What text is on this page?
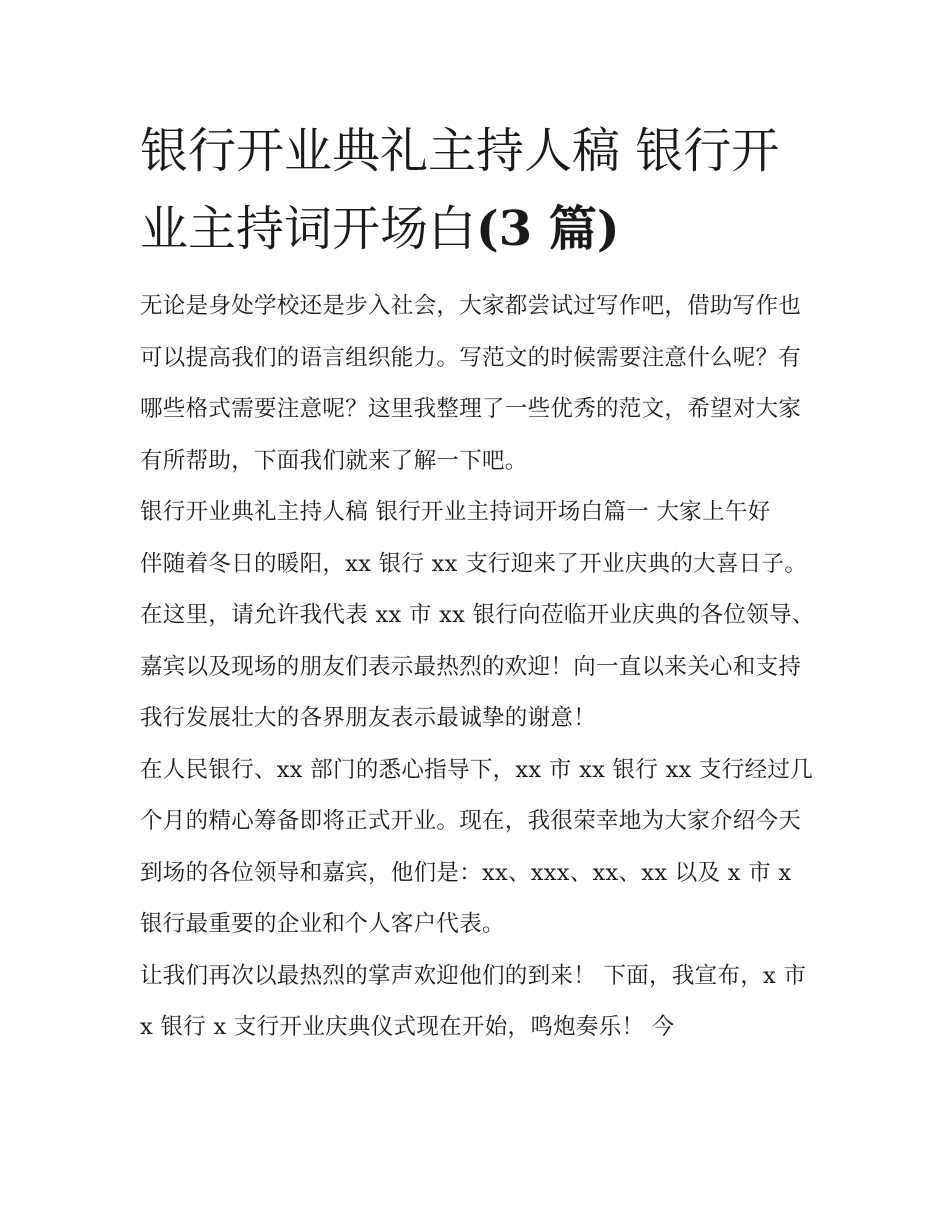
银行开业典礼主持人稿 银行开
业主持词开场白(3 篇)

无论是身处学校还是步入社会，大家都尝试过写作吧，借助写作也可以提高我们的语言组织能力。写范文的时候需要注意什么呢？有哪些格式需要注意呢？这里我整理了一些优秀的范文，希望对大家有所帮助，下面我们就来了解一下吧。

银行开业典礼主持人稿 银行开业主持词开场白篇一 大家上午好

伴随着冬日的暖阳，xx 银行 xx 支行迎来了开业庆典的大喜日子。在这里，请允许我代表 xx 市 xx 银行向莅临开业庆典的各位领导、嘉宾以及现场的朋友们表示最热烈的欢迎！向一直以来关心和支持我行发展壮大的各界朋友表示最诚挚的谢意！

在人民银行、xx 部门的悉心指导下，xx 市 xx 银行 xx 支行经过几个月的精心筹备即将正式开业。现在，我很荣幸地为大家介绍今天到场的各位领导和嘉宾，他们是：xx、xxx、xx、xx 以及 x 市 x 银行最重要的企业和个人客户代表。

让我们再次以最热烈的掌声欢迎他们的到来！ 下面，我宣布，x 市 x 银行 x 支行开业庆典仪式现在开始，鸣炮奏乐！ 今
